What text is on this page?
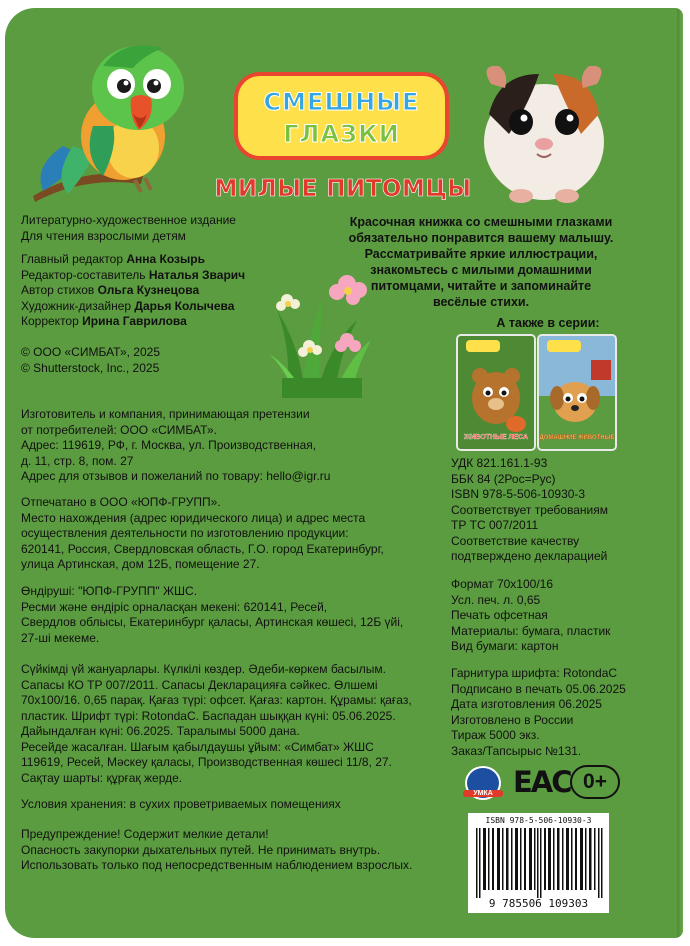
СМЕШНЫЕ
ГЛАЗКИ
МИЛЫЕ ПИТОМЦЫ
Литературно-художественное издание
Для чтения взрослыми детям
Главный редактор Анна Козырь
Редактор-составитель Наталья Зварич
Автор стихов Ольга Кузнецова
Художник-дизайнер Дарья Колычева
Корректор Ирина Гаврилова
© ООО «СИМБАТ», 2025
© Shutterstock, Inc., 2025
Изготовитель и компания, принимающая претензии
от потребителей: ООО «СИМБАТ».
Адрес: 119619, РФ, г. Москва, ул. Производственная,
д. 11, стр. 8, пом. 27
Адрес для отзывов и пожеланий по товару: hello@igr.ru
Отпечатано в ООО «ЮПФ-ГРУПП».
Место нахождения (адрес юридического лица) и адрес места
осуществления деятельности по изготовлению продукции:
620141, Россия, Свердловская область, Г.О. город Екатеринбург,
улица Артинская, дом 12Б, помещение 27.
Өндіруші: "ЮПФ-ГРУПП" ЖШС.
Ресми және өндіріс орналасқан мекені: 620141, Ресей,
Свердлов облысы, Екатеринбург қаласы, Артинская көшесі, 12Б үйі,
27-ші мекеме.
Сүйкімді үй жануарлары. Күлкілі көздер. Әдеби-көркем басылым.
Сапасы КО ТР 007/2011. Сапасы Декларацияға сәйкес. Өлшемі
70х100/16. 0,65 парақ. Қағаз түрі: офсет. Қағаз: картон. Құрамы: қағаз,
пластик. Шрифт түрі: RotondaC. Баспадан шыққан күні: 05.06.2025.
Дайындалған күні: 06.2025. Таралымы 5000 дана.
Ресейде жасалған. Шағым қабылдаушы ұйым: «Симбат» ЖШС
119619, Ресей, Мәскеу қаласы, Производственная көшесі 11/8, 27.
Сақтау шарты: құрғақ жерде.
Условия хранения: в сухих проветриваемых помещениях
Предупреждение! Содержит мелкие детали!
Опасность закупорки дыхательных путей. Не принимать внутрь.
Использовать только под непосредственным наблюдением взрослых.
Красочная книжка со смешными глазками
обязательно понравится вашему малышу.
Рассматривайте яркие иллюстрации,
знакомьтесь с милыми домашними
питомцами, читайте и запоминайте
весёлые стихи.
А также в серии:
ЖИВОТНЫЕ ЛЕСА	ДОМАШНИЕ ЖИВОТНЫЕ
УДК 821.161.1-93
ББК 84 (2Рос=Рус)
ISBN 978-5-506-10930-3
Соответствует требованиям
ТР ТС 007/2011
Соответствие качеству
подтверждено декларацией
Формат 70х100/16
Усл. печ. л. 0,65
Печать офсетная
Материалы: бумага, пластик
Вид бумаги: картон
Гарнитура шрифта: RotondaC
Подписано в печать 05.06.2025
Дата изготовления 06.2025
Изготовлено в России
Тираж 5000 экз.
Заказ/Тапсырыс №131.
УМКА EAC 0+
ISBN 978-5-506-10930-3
9 785506 109303
